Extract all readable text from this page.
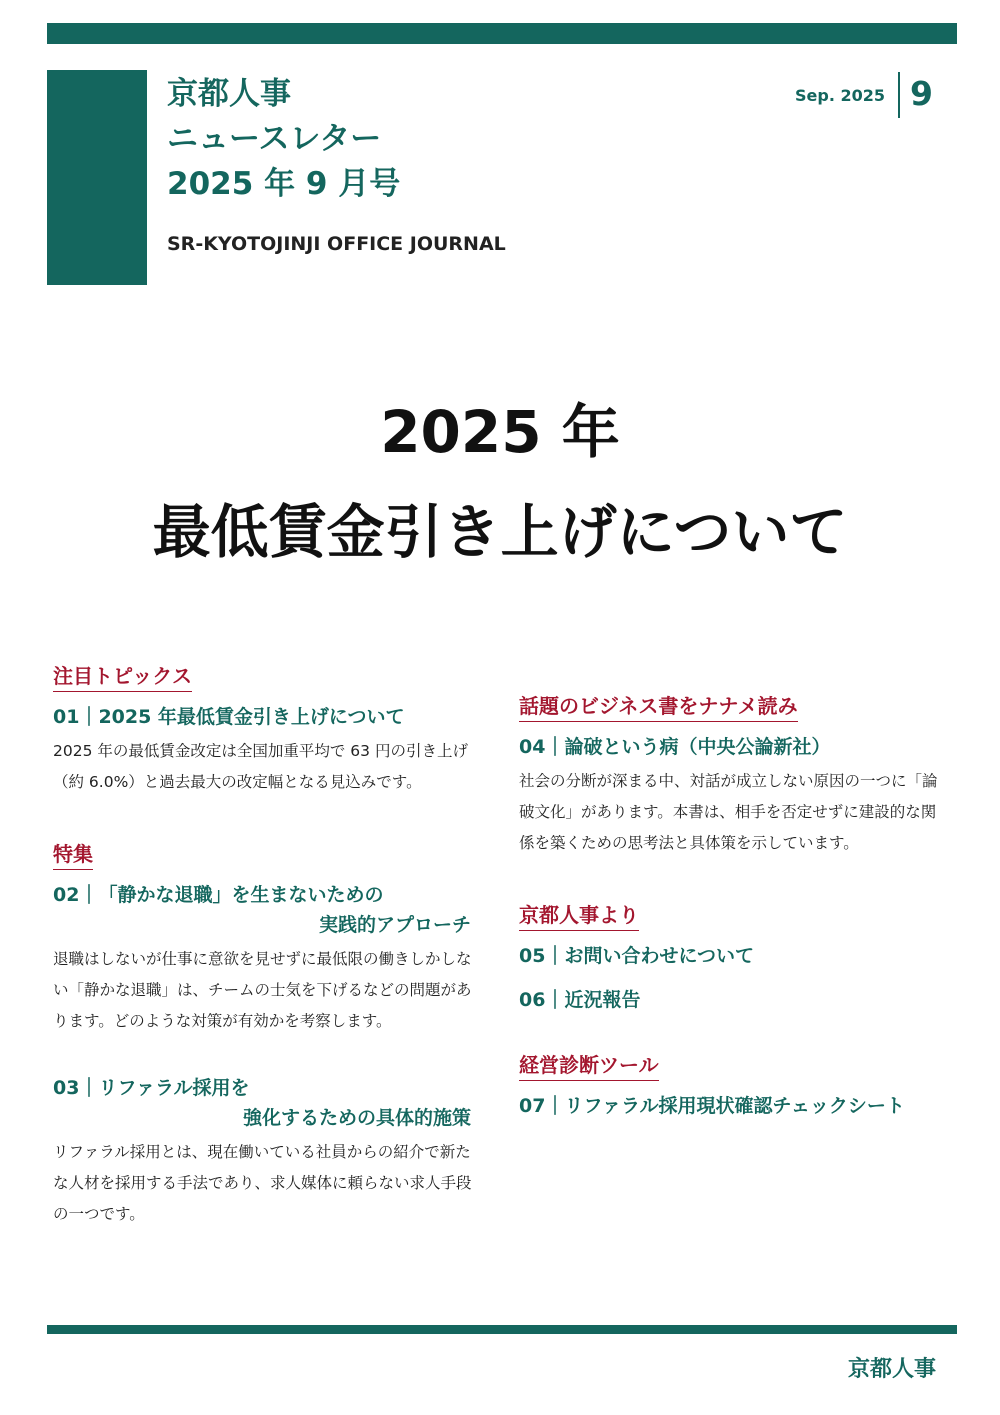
京都人事
ニュースレター
2025 年 9 月号
SR-KYOTOJINJI OFFICE JOURNAL
Sep. 2025 9
2025 年
最低賃金引き上げについて
注目トピックス
01｜2025 年最低賃金引き上げについて

2025 年の最低賃金改定は全国加重平均で 63 円の引き上げ（約 6.0%）と過去最大の改定幅となる見込みです。

特集
02｜「静かな退職」を生まないための
実践的アプローチ

退職はしないが仕事に意欲を見せずに最低限の働きしかしない「静かな退職」は、チームの士気を下げるなどの問題があります。どのような対策が有効かを考察します。

03｜リファラル採用を
強化するための具体的施策

リファラル採用とは、現在働いている社員からの紹介で新たな人材を採用する手法であり、求人媒体に頼らない求人手段の一つです。

話題のビジネス書をナナメ読み
04｜論破という病（中央公論新社）

社会の分断が深まる中、対話が成立しない原因の一つに「論破文化」があります。本書は、相手を否定せずに建設的な関係を築くための思考法と具体策を示しています。

京都人事より
05｜お問い合わせについて
06｜近況報告
経営診断ツール
07｜リファラル採用現状確認チェックシート
京都人事
